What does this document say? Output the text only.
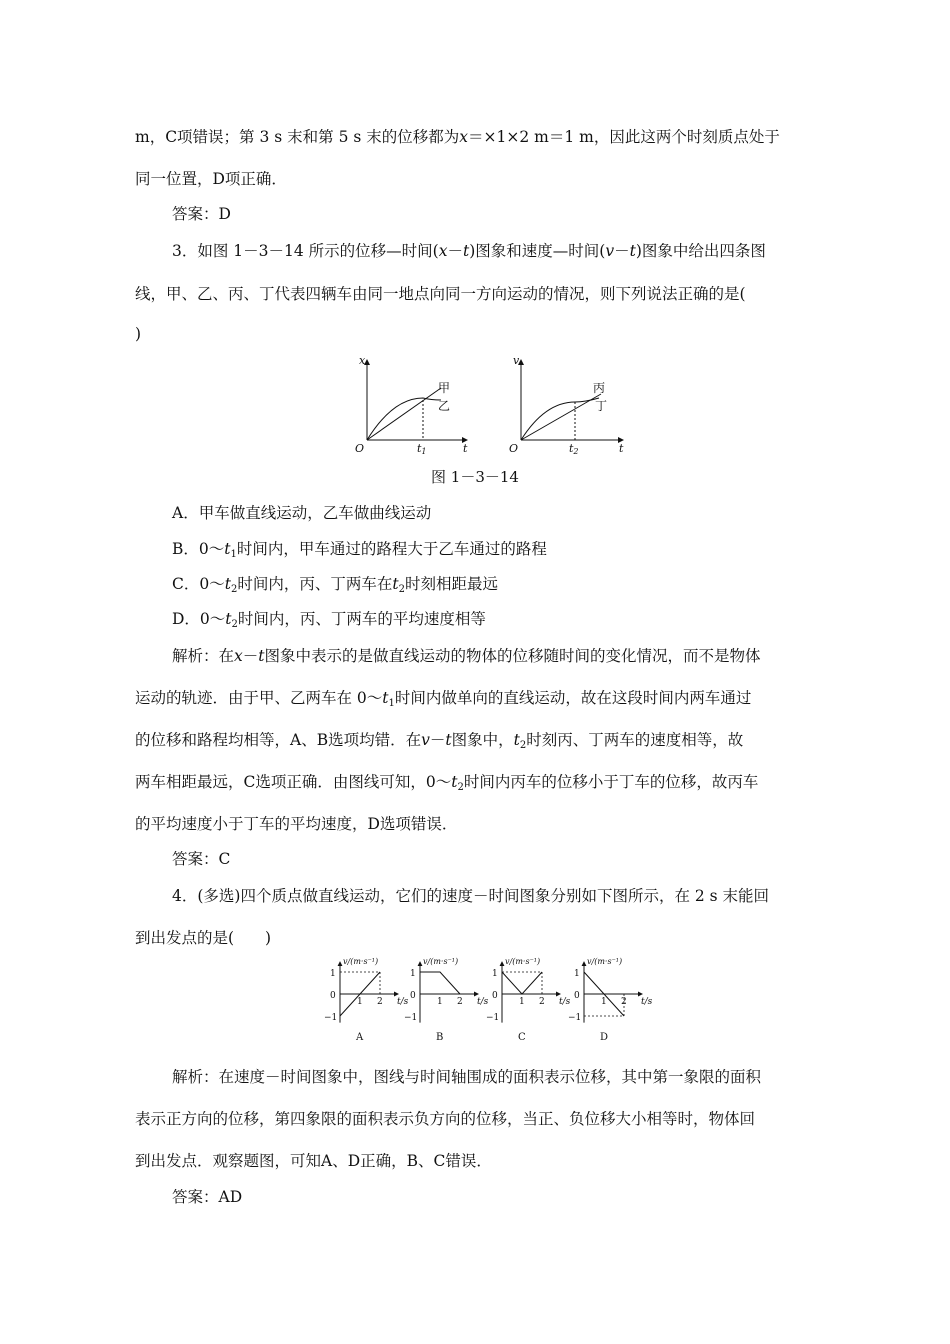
m，C项错误；第 3 s 末和第 5 s 末的位移都为x＝×1×2 m＝1 m，因此这两个时刻质点处于
同一位置，D项正确．
答案：D
3．如图 1－3－14 所示的位移—时间(x－t)图象和速度—时间(v－t)图象中给出四条图
线，甲、乙、丙、丁代表四辆车由同一地点向同一方向运动的情况，则下列说法正确的是(
)
x
t
O	t1
甲
乙
v
t
O	t2
丙
丁
图 1－3－14
A．甲车做直线运动，乙车做曲线运动
B．$0\sim t_1$时间内，甲车通过的路程大于乙车通过的路程
C．$0\sim t_2$时间内，丙、丁两车在$t_2$时刻相距最远
D．$0\sim t_2$时间内，丙、丁两车的平均速度相等
解析：在x－t图象中表示的是做直线运动的物体的位移随时间的变化情况，而不是物体
运动的轨迹．由于甲、乙两车在 $0\sim t_1$时间内做单向的直线运动，故在这段时间内两车通过
的位移和路程均相等，A、B选项均错．在v－t图象中，$t_2$时刻丙、丁两车的速度相等，故
两车相距最远，C选项正确．由图线可知，$0\sim t_2$时间内丙车的位移小于丁车的位移，故丙车
的平均速度小于丁车的平均速度，D选项错误．
答案：C
4．(多选)四个质点做直线运动，它们的速度－时间图象分别如下图所示，在 2 s 末能回
到出发点的是(　　)
v/(m·s⁻¹)
t/s
1
0
−1
1 2
A
v/(m·s⁻¹)
t/s
1
0
−1
1 2
B
v/(m·s⁻¹)
t/s
1
0
−1
1 2
C
v/(m·s⁻¹)
t/s
1
0
−1
1 2
D
解析：在速度－时间图象中，图线与时间轴围成的面积表示位移，其中第一象限的面积
表示正方向的位移，第四象限的面积表示负方向的位移，当正、负位移大小相等时，物体回
到出发点．观察题图，可知A、D正确，B、C错误．
答案：AD
